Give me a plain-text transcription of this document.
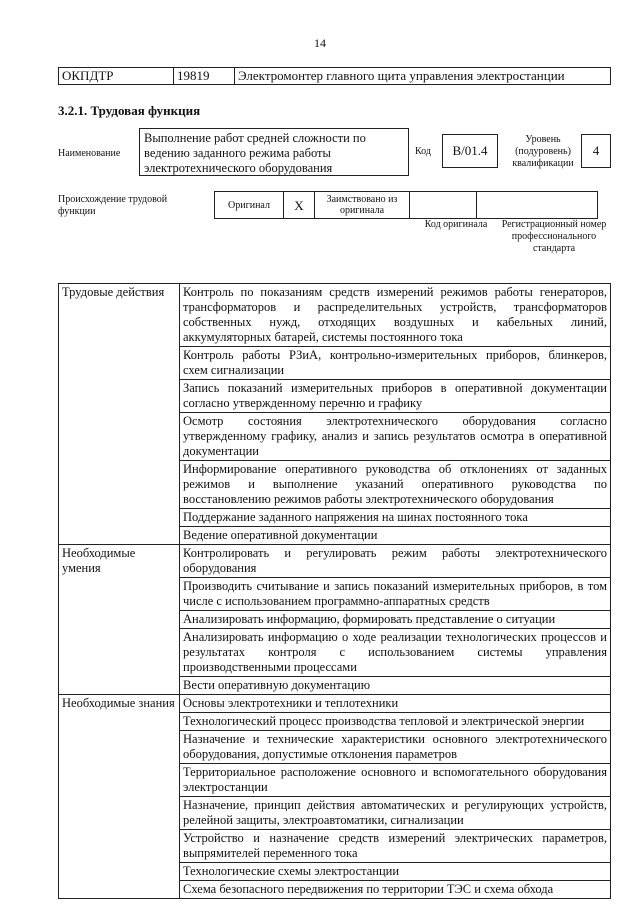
14
ОКПДТР	19819	Электромонтер главного щита управления электростанции
3.2.1. Трудовая функция
Наименование
Выполнение работ средней сложности по ведению заданного режима работы электротехнического оборудования
Код	В/01.4
Уровень (подуровень) квалификации
4
Происхождение трудовой функции
Оригинал	Х	Заимствовано из оригинала		
Код оригинала	Регистрационный номер профессионального стандарта
Трудовые действия	Контроль по показаниям средств измерений режимов работы генераторов, трансформаторов и распределительных устройств, трансформаторов собственных нужд, отходящих воздушных и кабельных линий, аккумуляторных батарей, системы постоянного тока
	Контроль работы РЗиА, контрольно-измерительных приборов, блинкеров, схем сигнализации
	Запись показаний измерительных приборов в оперативной документации согласно утвержденному перечню и графику
	Осмотр состояния электротехнического оборудования согласно утвержденному графику, анализ и запись результатов осмотра в оперативной документации
	Информирование оперативного руководства об отклонениях от заданных режимов и выполнение указаний оперативного руководства по восстановлению режимов работы электротехнического оборудования
	Поддержание заданного напряжения на шинах постоянного тока
	Ведение оперативной документации
Необходимые умения	Контролировать и регулировать режим работы электротехнического оборудования
	Производить считывание и запись показаний измерительных приборов, в том числе с использованием программно-аппаратных средств
	Анализировать информацию, формировать представление о ситуации
	Анализировать информацию о ходе реализации технологических процессов и результатах контроля с использованием системы управления производственными процессами
	Вести оперативную документацию
Необходимые знания	Основы электротехники и теплотехники
	Технологический процесс производства тепловой и электрической энергии
	Назначение и технические характеристики основного электротехнического оборудования, допустимые отклонения параметров
	Территориальное расположение основного и вспомогательного оборудования электростанции
	Назначение, принцип действия автоматических и регулирующих устройств, релейной защиты, электроавтоматики, сигнализации
	Устройство и назначение средств измерений электрических параметров, выпрямителей переменного тока
	Технологические схемы электростанции
	Схема безопасного передвижения по территории ТЭС и схема обхода
